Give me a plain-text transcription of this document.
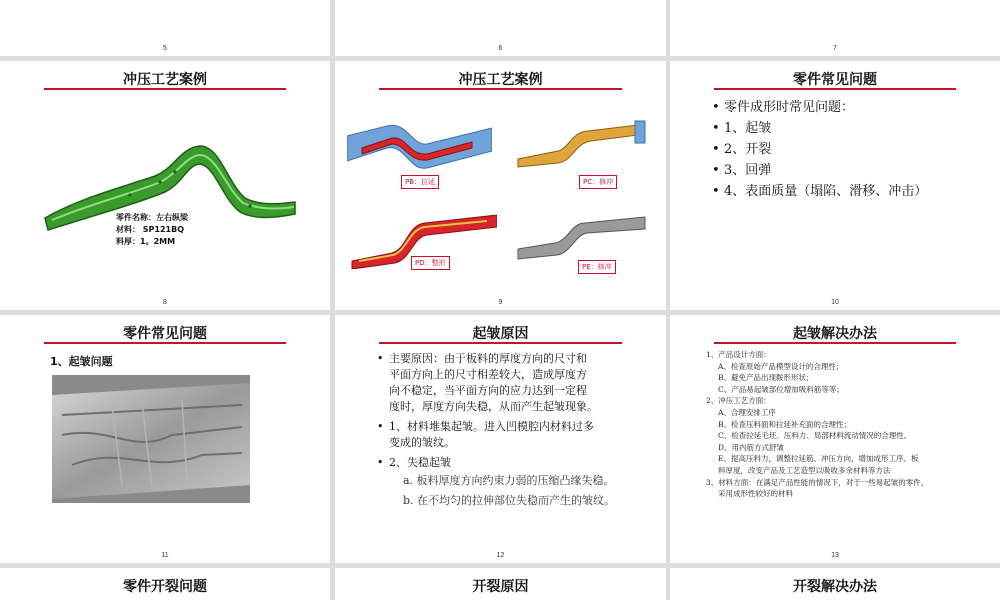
5	6	7
冲压工艺案例
零件名称：左右纵梁
材料： SP121BQ
料厚：1。2MM
8
冲压工艺案例
PB：拉延	PC：修冲
PD：整形	PE：修冲
9
零件常见问题
• 零件成形时常见问题：
• 1、起皱
• 2、开裂
• 3、回弹
• 4、表面质量（塌陷、滑移、冲击）
10
零件常见问题
1、起皱问题
11
起皱原因
• 主要原因：由于板料的厚度方向的尺寸和
平面方向上的尺寸相差较大，造成厚度方
向不稳定，当平面方向的应力达到一定程
度时，厚度方向失稳，从而产生起皱现象。
• 1、材料堆集起皱。进入凹模腔内材料过多
变成的皱纹。
• 2、失稳起皱
a. 板料厚度方向约束力弱的压缩凸缘失稳。
b. 在不均匀的拉伸部位失稳而产生的皱纹。
12
起皱解决办法
1、产品设计方面：
A、检查原始产品模型设计的合理性；
B、避免产品出现鞍形形状；
C、产品易起皱部位增加吸料筋等等；
2、冲压工艺方面：
A、合理安排工序
B、检查压料面和拉延补充面的合理性；
C、检查拉延毛坯、压料力、局部材料流动情况的合理性。
D、用内筋方式舒皱
E、提高压料力，调整拉延筋、冲压方向，增加成形工序、板
料厚度，改变产品及工艺造型以吸收多余材料等方法
3、材料方面：在满足产品性能的情况下，对于一些易起皱的零件，
采用成形性较好的材料
13
零件开裂问题	开裂原因	开裂解决办法
